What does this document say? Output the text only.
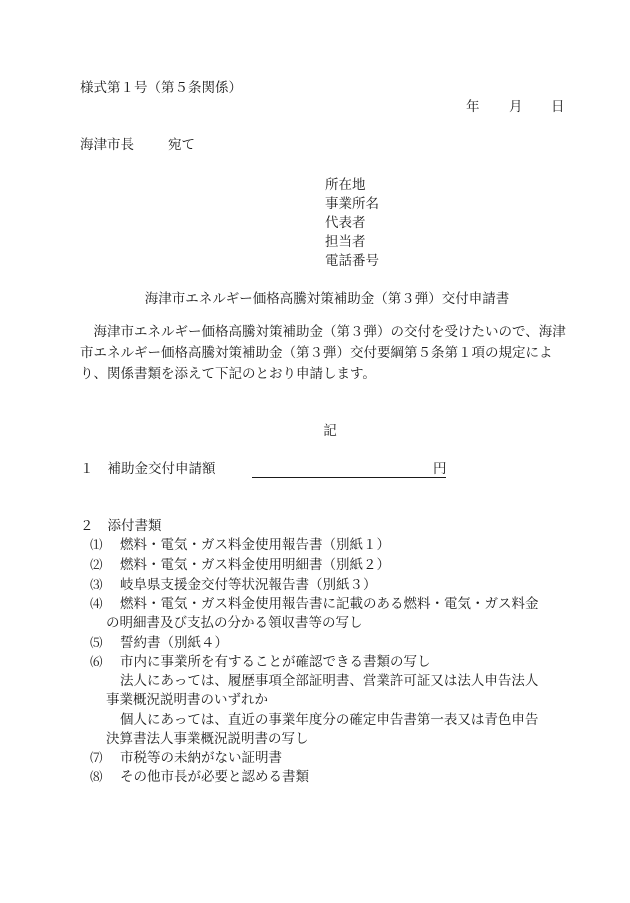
様式第１号（第５条関係）
年 月 日
海津市長	宛て
所在地
事業所名
代表者
担当者
電話番号
海津市エネルギー価格高騰対策補助金（第３弾）交付申請書
　海津市エネルギー価格高騰対策補助金（第３弾）の交付を受けたいので、海津市エネルギー価格高騰対策補助金（第３弾）交付要綱第５条第１項の規定により、関係書類を添えて下記のとおり申請します。
記
１ 補助金交付申請額	円
２ 添付書類
⑴ 燃料・電気・ガス料金使用報告書（別紙１）
⑵ 燃料・電気・ガス料金使用明細書（別紙２）
⑶ 岐阜県支援金交付等状況報告書（別紙３）
⑷ 燃料・電気・ガス料金使用報告書に記載のある燃料・電気・ガス料金
の明細書及び支払の分かる領収書等の写し
⑸ 誓約書（別紙４）
⑹ 市内に事業所を有することが確認できる書類の写し
法人にあっては、履歴事項全部証明書、営業許可証又は法人申告法人
事業概況説明書のいずれか
個人にあっては、直近の事業年度分の確定申告書第一表又は青色申告
決算書法人事業概況説明書の写し
⑺ 市税等の未納がない証明書
⑻ その他市長が必要と認める書類
